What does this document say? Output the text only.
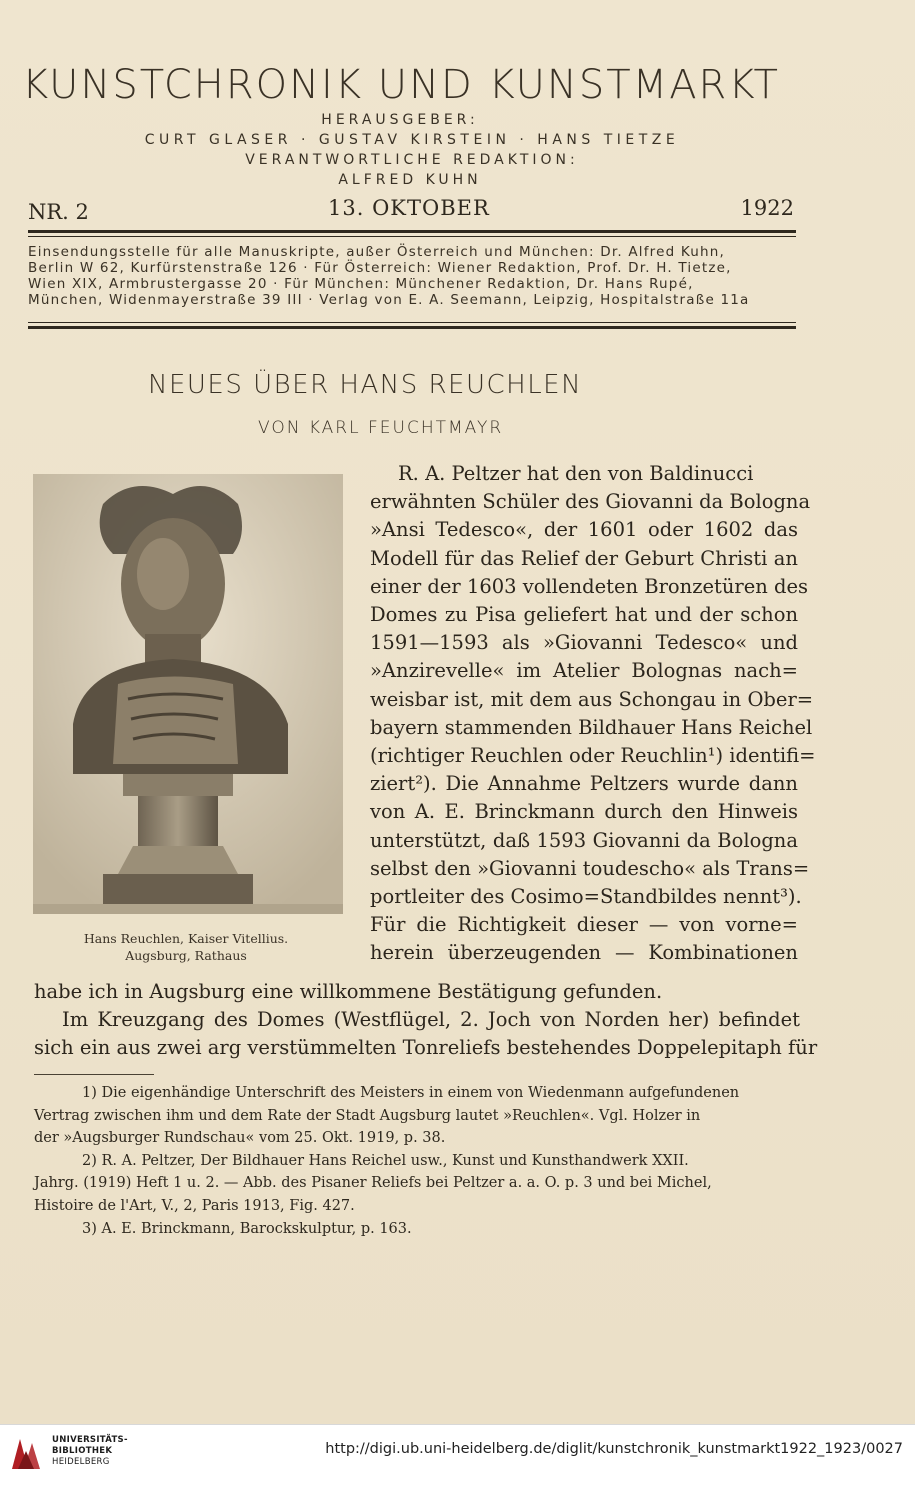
KUNSTCHRONIK UND KUNSTMARKT
HERAUSGEBER:
CURT GLASER · GUSTAV KIRSTEIN · HANS TIETZE
VERANTWORTLICHE REDAKTION:
ALFRED KUHN
NR. 2	13. OKTOBER	1922
Einsendungsstelle für alle Manuskripte, außer Österreich und München: Dr. Alfred Kuhn,
Berlin W 62, Kurfürstenstraße 126 · Für Österreich: Wiener Redaktion, Prof. Dr. H. Tietze,
Wien XIX, Armbrustergasse 20 · Für München: Münchener Redaktion, Dr. Hans Rupé,
München, Widenmayerstraße 39 III · Verlag von E. A. Seemann, Leipzig, Hospitalstraße 11a
NEUES ÜBER HANS REUCHLEN
VON KARL FEUCHTMAYR
Hans Reuchlen, Kaiser Vitellius.
Augsburg, Rathaus
R. A. Peltzer hat den von Baldinucci
erwähnten Schüler des Giovanni da Bologna
»Ansi Tedesco«, der 1601 oder 1602 das
Modell für das Relief der Geburt Christi an
einer der 1603 vollendeten Bronzetüren des
Domes zu Pisa geliefert hat und der schon
1591—1593 als »Giovanni Tedesco« und
»Anzirevelle« im Atelier Bolognas nach=
weisbar ist, mit dem aus Schongau in Ober=
bayern stammenden Bildhauer Hans Reichel
(richtiger Reuchlen oder Reuchlin¹) identifi=
ziert²). Die Annahme Peltzers wurde dann
von A. E. Brinckmann durch den Hinweis
unterstützt, daß 1593 Giovanni da Bologna
selbst den »Giovanni toudescho« als Trans=
portleiter des Cosimo=Standbildes nennt³).
Für die Richtigkeit dieser — von vorne=
herein überzeugenden — Kombinationen
habe ich in Augsburg eine willkommene Bestätigung gefunden.
Im Kreuzgang des Domes (Westflügel, 2. Joch von Norden her) befindet
sich ein aus zwei arg verstümmelten Tonreliefs bestehendes Doppelepitaph für
1) Die eigenhändige Unterschrift des Meisters in einem von Wiedenmann aufgefundenen
Vertrag zwischen ihm und dem Rate der Stadt Augsburg lautet »Reuchlen«. Vgl. Holzer in
der »Augsburger Rundschau« vom 25. Okt. 1919, p. 38.
2) R. A. Peltzer, Der Bildhauer Hans Reichel usw., Kunst und Kunsthandwerk XXII.
Jahrg. (1919) Heft 1 u. 2. — Abb. des Pisaner Reliefs bei Peltzer a. a. O. p. 3 und bei Michel,
Histoire de l'Art, V., 2, Paris 1913, Fig. 427.
3) A. E. Brinckmann, Barockskulptur, p. 163.
UNIVERSITÄTS-
BIBLIOTHEK
HEIDELBERG
http://digi.ub.uni-heidelberg.de/diglit/kunstchronik_kunstmarkt1922_1923/0027
